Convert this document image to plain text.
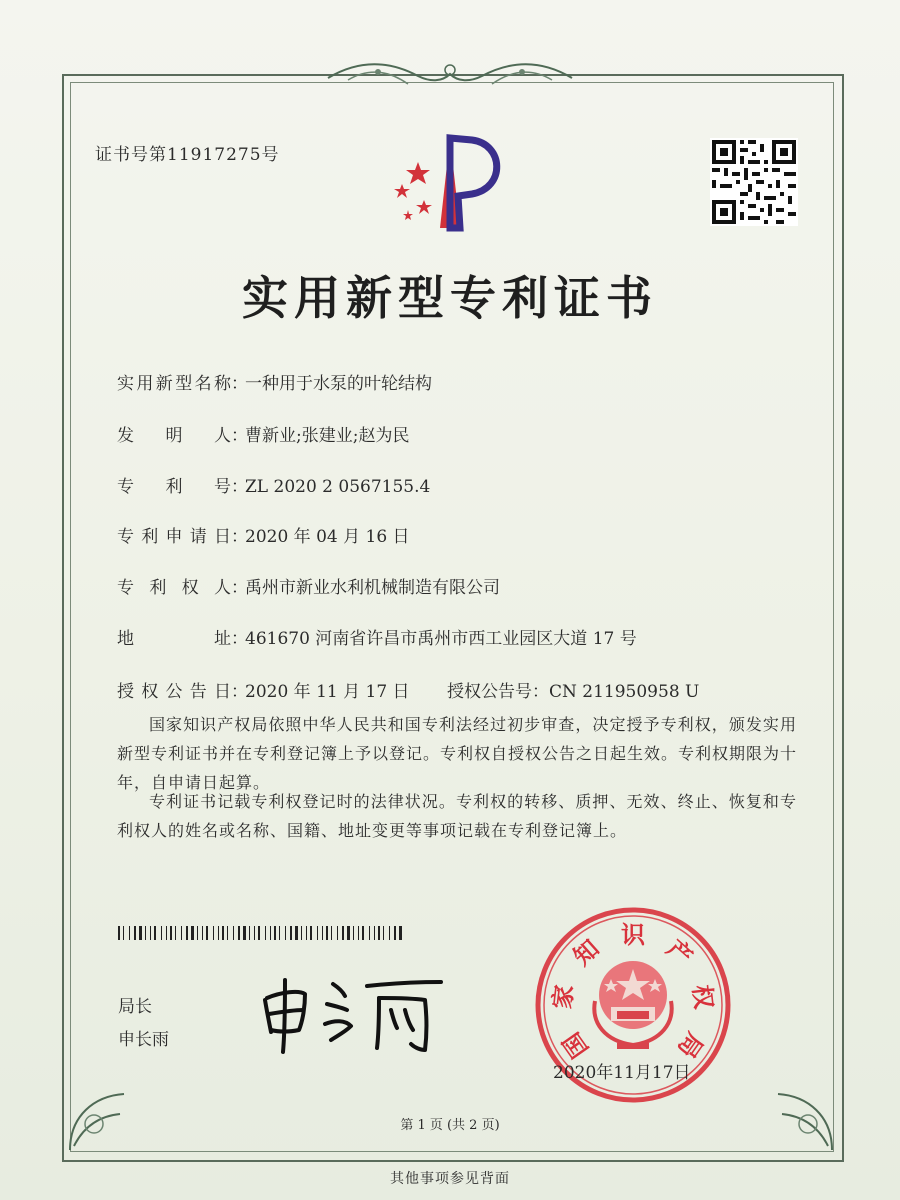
证书号第11917275号
实用新型专利证书
实用新型名称：一种用于水泵的叶轮结构
发明人：曹新业;张建业;赵为民
专利号：ZL 2020 2 0567155.4
专利申请日：2020 年 04 月 16 日
专利权人：禹州市新业水利机械制造有限公司
地址：461670 河南省许昌市禹州市西工业园区大道 17 号
授权公告日：2020 年 11 月 17 日 授权公告号：CN 211950958 U
国家知识产权局依照中华人民共和国专利法经过初步审查，决定授予专利权，颁发实用新型专利证书并在专利登记簿上予以登记。专利权自授权公告之日起生效。专利权期限为十年，自申请日起算。
专利证书记载专利权登记时的法律状况。专利权的转移、质押、无效、终止、恢复和专利权人的姓名或名称、国籍、地址变更等事项记载在专利登记簿上。
局长
申长雨	国
家
知 识 产
权
局
2020年11月17日
第 1 页 (共 2 页)
其他事项参见背面
